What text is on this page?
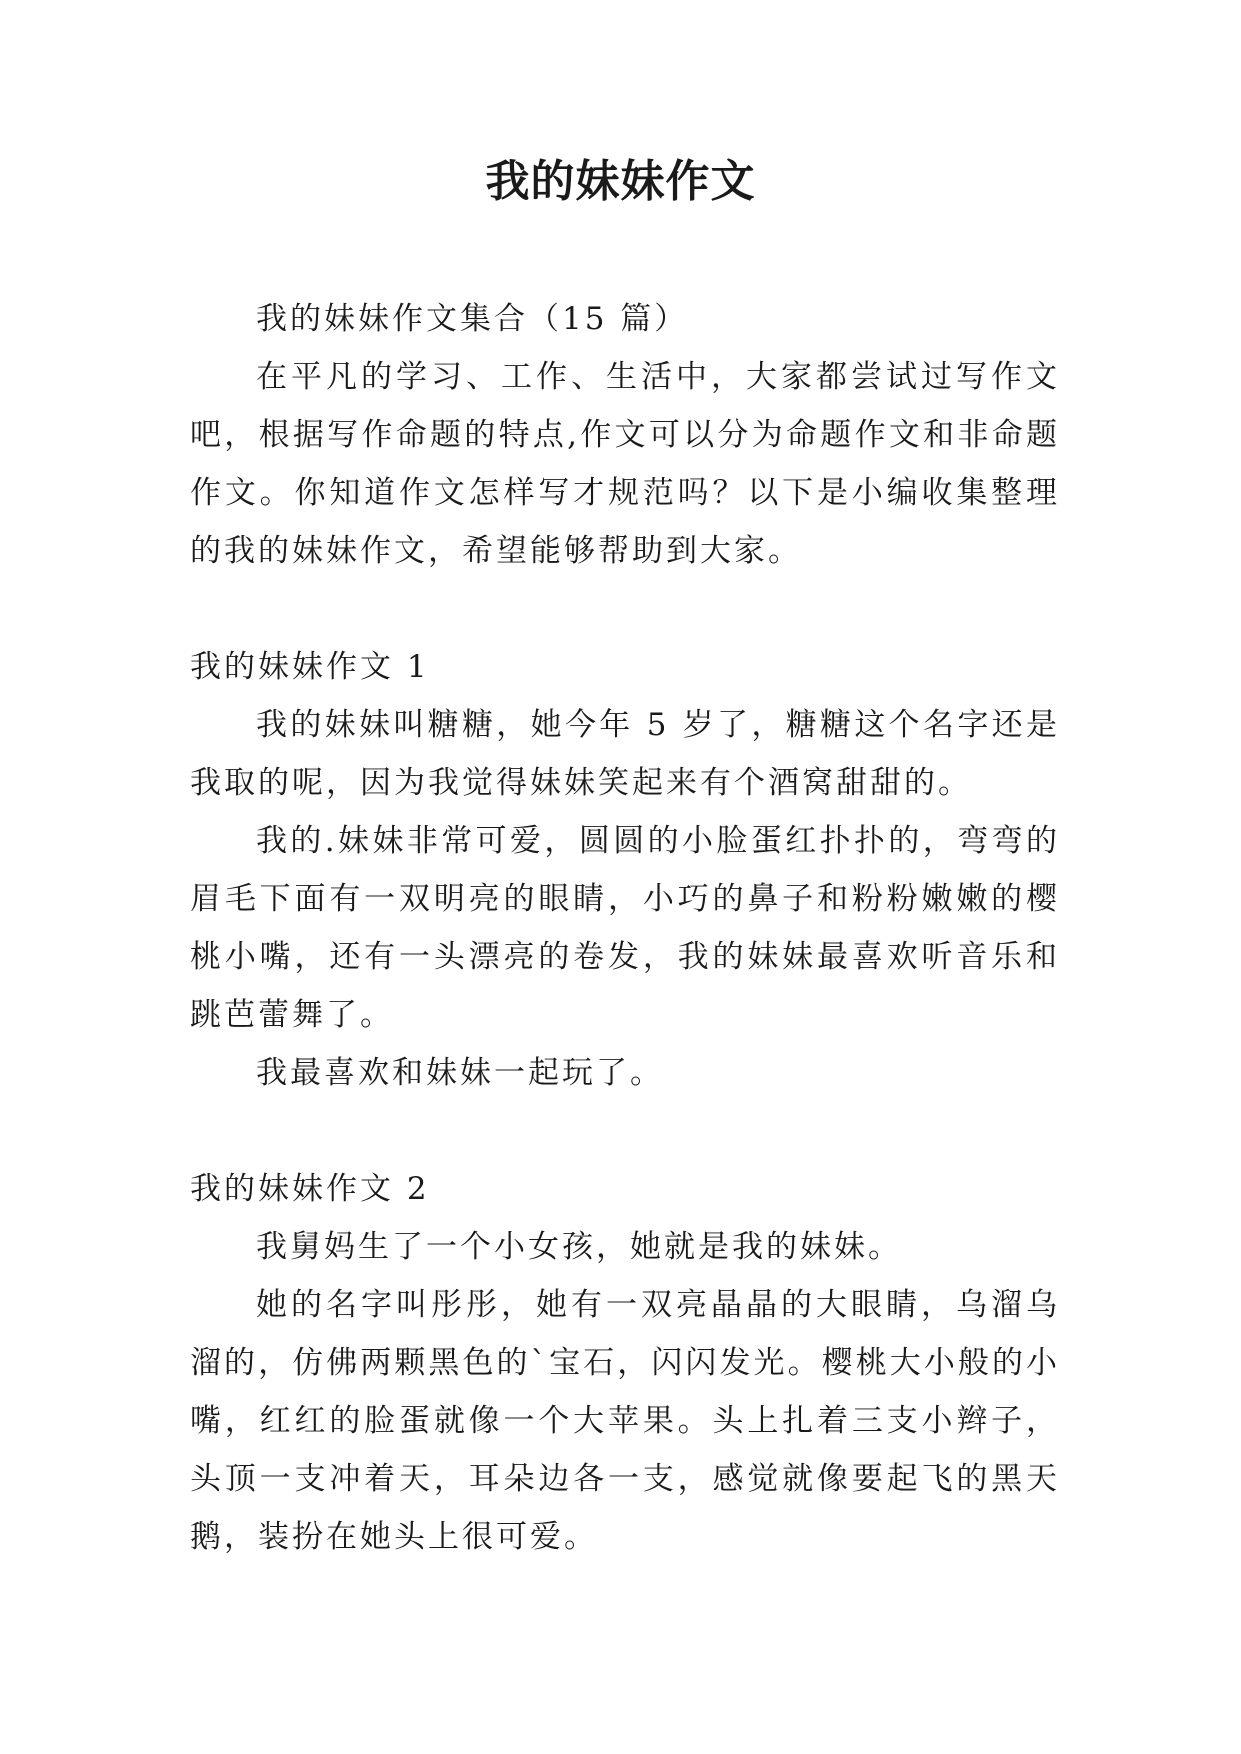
我的妹妹作文

我的妹妹作文集合（15 篇）

在平凡的学习、工作、生活中，大家都尝试过写作文吧，根据写作命题的特点,作文可以分为命题作文和非命题作文。你知道作文怎样写才规范吗？以下是小编收集整理的我的妹妹作文，希望能够帮助到大家。

我的妹妹作文 1

我的妹妹叫糖糖，她今年 5 岁了，糖糖这个名字还是我取的呢，因为我觉得妹妹笑起来有个酒窝甜甜的。

我的.妹妹非常可爱，圆圆的小脸蛋红扑扑的，弯弯的眉毛下面有一双明亮的眼睛，小巧的鼻子和粉粉嫩嫩的樱桃小嘴，还有一头漂亮的卷发，我的妹妹最喜欢听音乐和跳芭蕾舞了。

我最喜欢和妹妹一起玩了。

我的妹妹作文 2

我舅妈生了一个小女孩，她就是我的妹妹。

她的名字叫彤彤，她有一双亮晶晶的大眼睛，乌溜乌溜的，仿佛两颗黑色的`宝石，闪闪发光。樱桃大小般的小嘴，红红的脸蛋就像一个大苹果。头上扎着三支小辫子，头顶一支冲着天，耳朵边各一支，感觉就像要起飞的黑天鹅，装扮在她头上很可爱。
